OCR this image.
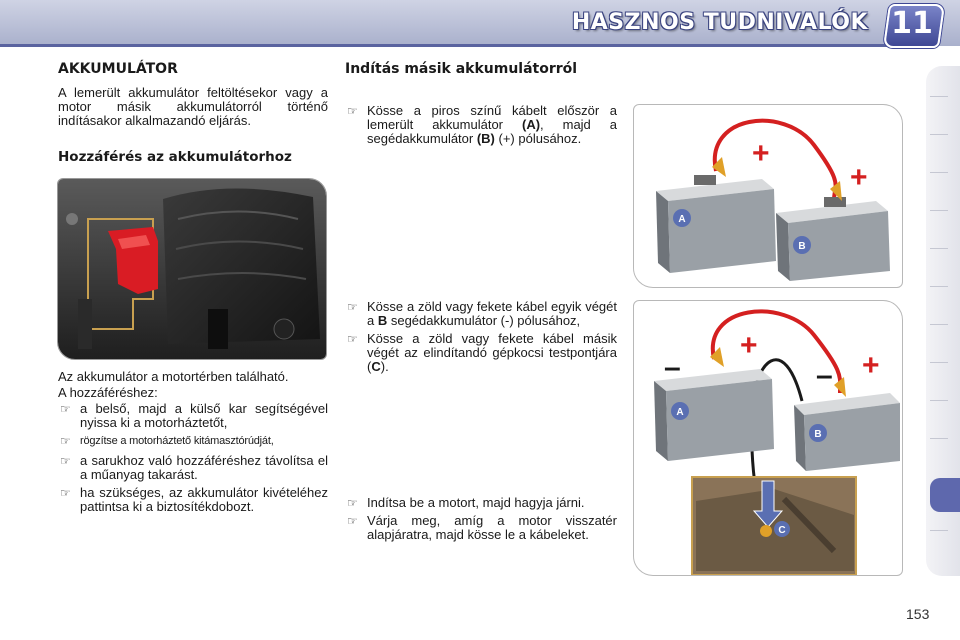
HASZNOS TUDNIVALÓK 11
AKKUMULÁTOR
A lemerült akkumulátor feltöltésekor vagy a motor másik akkumulátorról történő indításakor alkalmazandó eljárás.
Hozzáférés az akkumulátorhoz
Az akkumulátor a motortérben található.
A hozzáféréshez:
☞ a belső, majd a külső kar segítségével nyissa ki a motorháztetőt,
☞ rögzítse a motorháztető kitámasztórúdját,
☞ a sarukhoz való hozzáféréshez távolítsa el a műanyag takarást.
☞ ha szükséges, az akkumulátor kivételéhez pattintsa ki a biztosítékdobozt.
Indítás másik akkumulátorról
☞ Kösse a piros színű kábelt először a lemerült akkumulátor (A), majd a segédakkumulátor (B) (+) pólusához.
☞ Kösse a zöld vagy fekete kábel egyik végét a B segédakkumulátor (-) pólusához,
☞ Kösse a zöld vagy fekete kábel másik végét az elindítandó gépkocsi testpontjára (C).
☞ Indítsa be a motort, majd hagyja járni.
☞ Várja meg, amíg a motor visszatér alapjáratra, majd kösse le a kábeleket.
A
B
+
+
A
B
+
+
–	–
C
153
